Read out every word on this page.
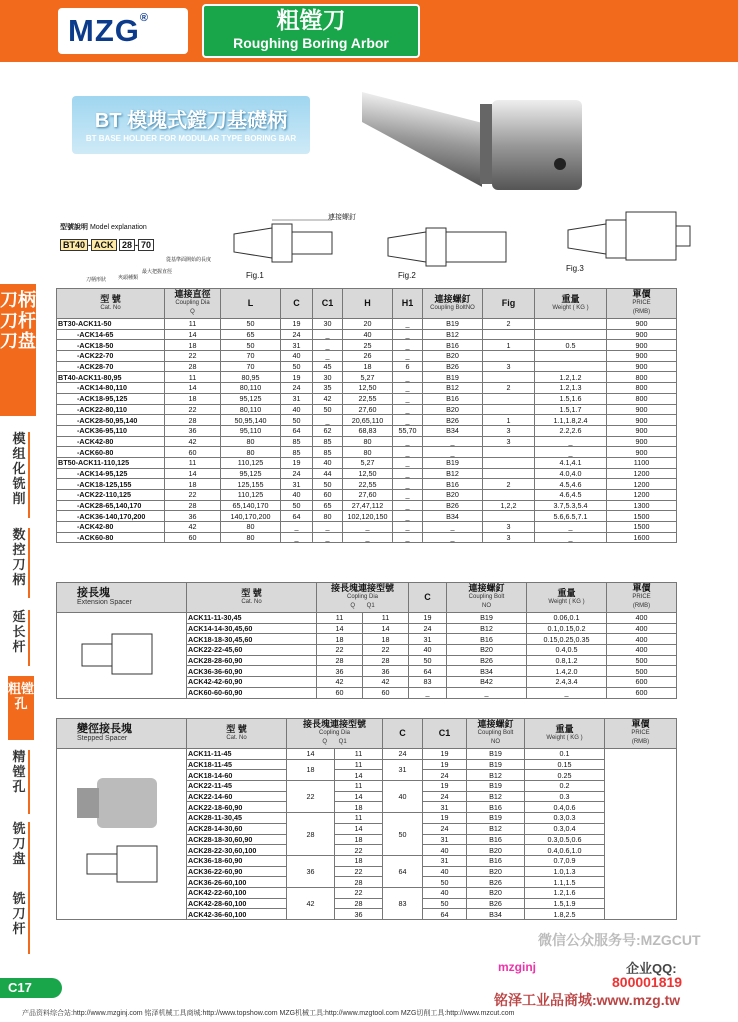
MZG®	粗镗刀
Roughing Boring Arbor
BT 模塊式鏜刀基礎柄
BT BASE HOLDER FOR MODULAR TYPE BORING BAR
型號說明 Model explanation
BT40 - ACK 28 - 70
從基準面開始的長度
最大把握直徑
夾頭種類
刀柄形狀	Fig.1
連接螺釘
Fig.2
Fig.3
刀柄
刀杆
刀盘
模组化铣削
数控刀柄
延长杆
粗镗孔
精镗孔
铣刀盘
铣刀杆
型 號
Cat. No	連接直徑
Coupling Dia
Q	L	C	C1	H	H1	連接螺釘
Coupling BoltNO	Fig	重量
Weight ( KG )	單價
PRICE
(RMB)

BT30-ACK11-50	11	50	19	30	20	_	B19	2		900
-ACK14-65	14	65	24	_	40	_	B12			900
-ACK18-50	18	50	31	_	25	_	B16	1	0.5	900
-ACK22-70	22	70	40	_	26	_	B20			900
-ACK28-70	28	70	50	45	18	6	B26	3		900
BT40-ACK11-80,95	11	80,95	19	30	5,27	_	B19		1.2,1.2	800
-ACK14-80,110	14	80,110	24	35	12,50	_	B12	2	1.2,1.3	800
-ACK18-95,125	18	95,125	31	42	22,55	_	B16		1.5,1.6	800
-ACK22-80,110	22	80,110	40	50	27,60	_	B20		1.5,1.7	900
-ACK28-50,95,140	28	50,95,140	50	_	20,65,110	_	B26	1	1.1,1.8,2.4	900
-ACK36-95,110	36	95,110	64	62	68,83	55,70	B34	3	2.2,2.6	900
-ACK42-80	42	80	85	85	80	_	_	3	_	900
-ACK60-80	60	80	85	85	80	_	_		_	900
BT50-ACK11-110,125	11	110,125	19	40	5,27	_	B19		4.1,4.1	1100
-ACK14-95,125	14	95,125	24	44	12,50	_	B12		4.0,4.0	1200
-ACK18-125,155	18	125,155	31	50	22,55	_	B16	2	4.5,4.6	1200
-ACK22-110,125	22	110,125	40	60	27,60	_	B20		4.6,4.5	1200
-ACK28-65,140,170	28	65,140,170	50	65	27,47,112	_	B26	1,2,2	3.7,5.3,5.4	1300
-ACK36-140,170,200	36	140,170,200	64	80	102,120,150	_	B34		5.6,6.5,7.1	1500
-ACK42-80	42	80	_	_	_	_	_	3	_	1500
-ACK60-80	60	80	_	_	_	_	_	3	_	1600
接長塊
Extension Spacer	型 號
Cat. No	接長塊連接型號
Copling Dia
Q Q1		C	連接螺釘
Coupling Bolt
NO	重量
Weight ( KG )	單價
PRICE
(RMB)

	ACK11-11-30,45	11	11	19	B19	0.06,0.1	400
	ACK14-14-30,45,60	14	14	24	B12	0.1,0.15,0.2	400
	ACK18-18-30,45,60	18	18	31	B16	0.15,0.25,0.35	400
	ACK22-22-45,60	22	22	40	B20	0.4,0.5	400
	ACK28-28-60,90	28	28	50	B26	0.8,1.2	500
	ACK36-36-60,90	36	36	64	B34	1.4,2.0	500
	ACK42-42-60,90	42	42	83	B42	2.4,3.4	600
	ACK60-60-60,90	60	60	_	_	_	600
變徑接長塊
Stepped Spacer	型 號
Cat. No	接長塊連接型號
Copling Dia
Q Q1		C	C1	連接螺釘
Coupling Bolt
NO	重量
Weight ( KG )	單價
PRICE
(RMB)

	ACK11-11-45	14	11	24	19	B19	0.1	
	ACK18-11-45	18	11	31	19	B19	0.15	
	ACK18-14-60		14		24	B12	0.25	
	ACK22-11-45	22	11	40	19	B19	0.2	
	ACK22-14-60		14		24	B12	0.3	
	ACK22-18-60,90		18		31	B16	0.4,0.6	
	ACK28-11-30,45	28	11	50	19	B19	0.3,0.3	
	ACK28-14-30,60		14		24	B12	0.3,0.4	
	ACK28-18-30,60,90		18		31	B16	0.3,0.5,0.6	
	ACK28-22-30,60,100		22		40	B20	0.4,0.6,1.0	
	ACK36-18-60,90	36	18	64	31	B16	0.7,0.9	
	ACK36-22-60,90		22		40	B20	1.0,1.3	
	ACK36-26-60,100		28		50	B26	1.1,1.5	
	ACK42-22-60,100	42	22	83	40	B20	1.2,1.6	
	ACK42-28-60,100		28		50	B26	1.5,1.9	
	ACK42-36-60,100		36		64	B34	1.8,2.5	
微信公众服务号:MZGCUT
企业QQ:
800001819
mzginj
铭泽工业品商城:www.mzg.tw
C17
产品资料综合站:http://www.mzginj.com 铭泽机械工具商城:http://www.topshow.com MZG机械工具:http://www.mzgtool.com MZG切削工具:http://www.mzcut.com
